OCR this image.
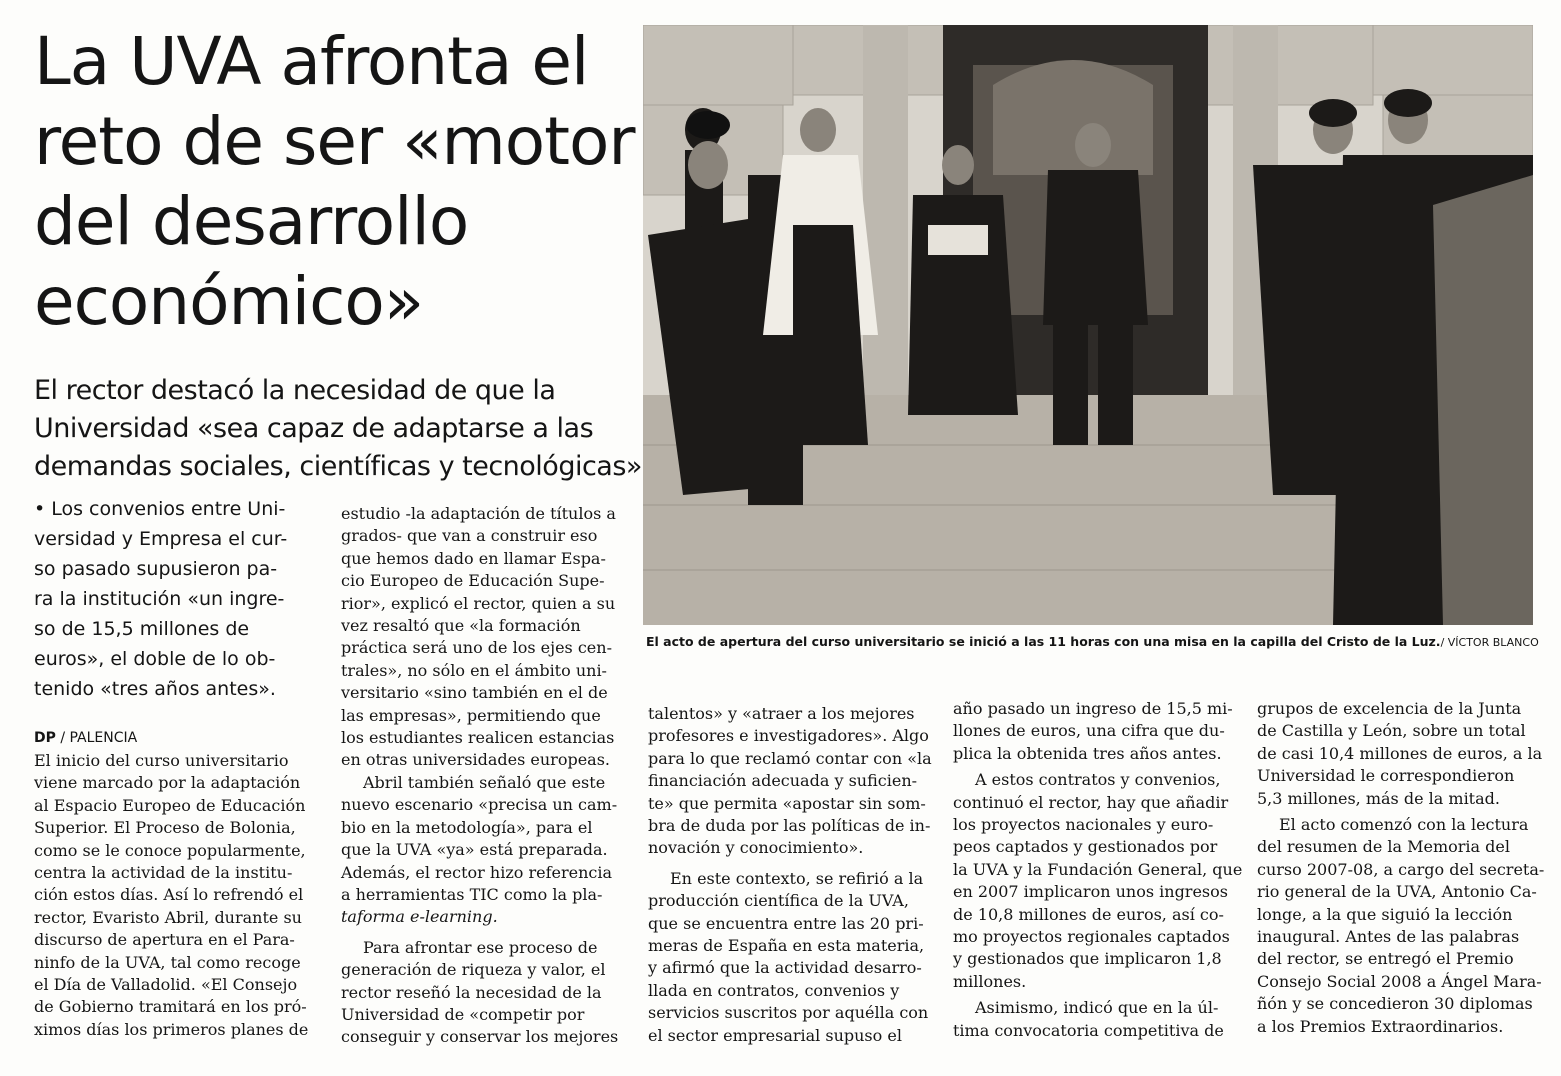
La UVA afronta el
reto de ser «motor
del desarrollo
económico»
El rector destacó la necesidad de que la
Universidad «sea capaz de adaptarse a las
demandas sociales, científicas y tecnológicas»
• Los convenios entre Uni-
versidad y Empresa el cur-
so pasado supusieron pa-
ra la institución «un ingre-
so de 15,5 millones de
euros», el doble de lo ob-
tenido «tres años antes».
DP / PALENCIA
El inicio del curso universitario
viene marcado por la adaptación
al Espacio Europeo de Educación
Superior. El Proceso de Bolonia,
como se le conoce popularmente,
centra la actividad de la institu-
ción estos días. Así lo refrendó el
rector, Evaristo Abril, durante su
discurso de apertura en el Para-
ninfo de la UVA, tal como recoge
el Día de Valladolid. «El Consejo
de Gobierno tramitará en los pró-
ximos días los primeros planes de
estudio -la adaptación de títulos a
grados- que van a construir eso
que hemos dado en llamar Espa-
cio Europeo de Educación Supe-
rior», explicó el rector, quien a su
vez resaltó que «la formación
práctica será uno de los ejes cen-
trales», no sólo en el ámbito uni-
versitario «sino también en el de
las empresas», permitiendo que
los estudiantes realicen estancias
en otras universidades europeas.
Abril también señaló que este
nuevo escenario «precisa un cam-
bio en la metodología», para el
que la UVA «ya» está preparada.
Además, el rector hizo referencia
a herramientas TIC como la pla-
taforma e-learning.
Para afrontar ese proceso de
generación de riqueza y valor, el
rector reseñó la necesidad de la
Universidad de «competir por
conseguir y conservar los mejores
El acto de apertura del curso universitario se inició a las 11 horas con una misa en la capilla del Cristo de la Luz./ VÍCTOR BLANCO
talentos» y «atraer a los mejores
profesores e investigadores». Algo
para lo que reclamó contar con «la
financiación adecuada y suficien-
te» que permita «apostar sin som-
bra de duda por las políticas de in-
novación y conocimiento».
En este contexto, se refirió a la
producción científica de la UVA,
que se encuentra entre las 20 pri-
meras de España en esta materia,
y afirmó que la actividad desarro-
llada en contratos, convenios y
servicios suscritos por aquélla con
el sector empresarial supuso el
año pasado un ingreso de 15,5 mi-
llones de euros, una cifra que du-
plica la obtenida tres años antes.
A estos contratos y convenios,
continuó el rector, hay que añadir
los proyectos nacionales y euro-
peos captados y gestionados por
la UVA y la Fundación General, que
en 2007 implicaron unos ingresos
de 10,8 millones de euros, así co-
mo proyectos regionales captados
y gestionados que implicaron 1,8
millones.
Asimismo, indicó que en la úl-
tima convocatoria competitiva de
grupos de excelencia de la Junta
de Castilla y León, sobre un total
de casi 10,4 millones de euros, a la
Universidad le correspondieron
5,3 millones, más de la mitad.
El acto comenzó con la lectura
del resumen de la Memoria del
curso 2007-08, a cargo del secreta-
rio general de la UVA, Antonio Ca-
longe, a la que siguió la lección
inaugural. Antes de las palabras
del rector, se entregó el Premio
Consejo Social 2008 a Ángel Mara-
ñón y se concedieron 30 diplomas
a los Premios Extraordinarios.
